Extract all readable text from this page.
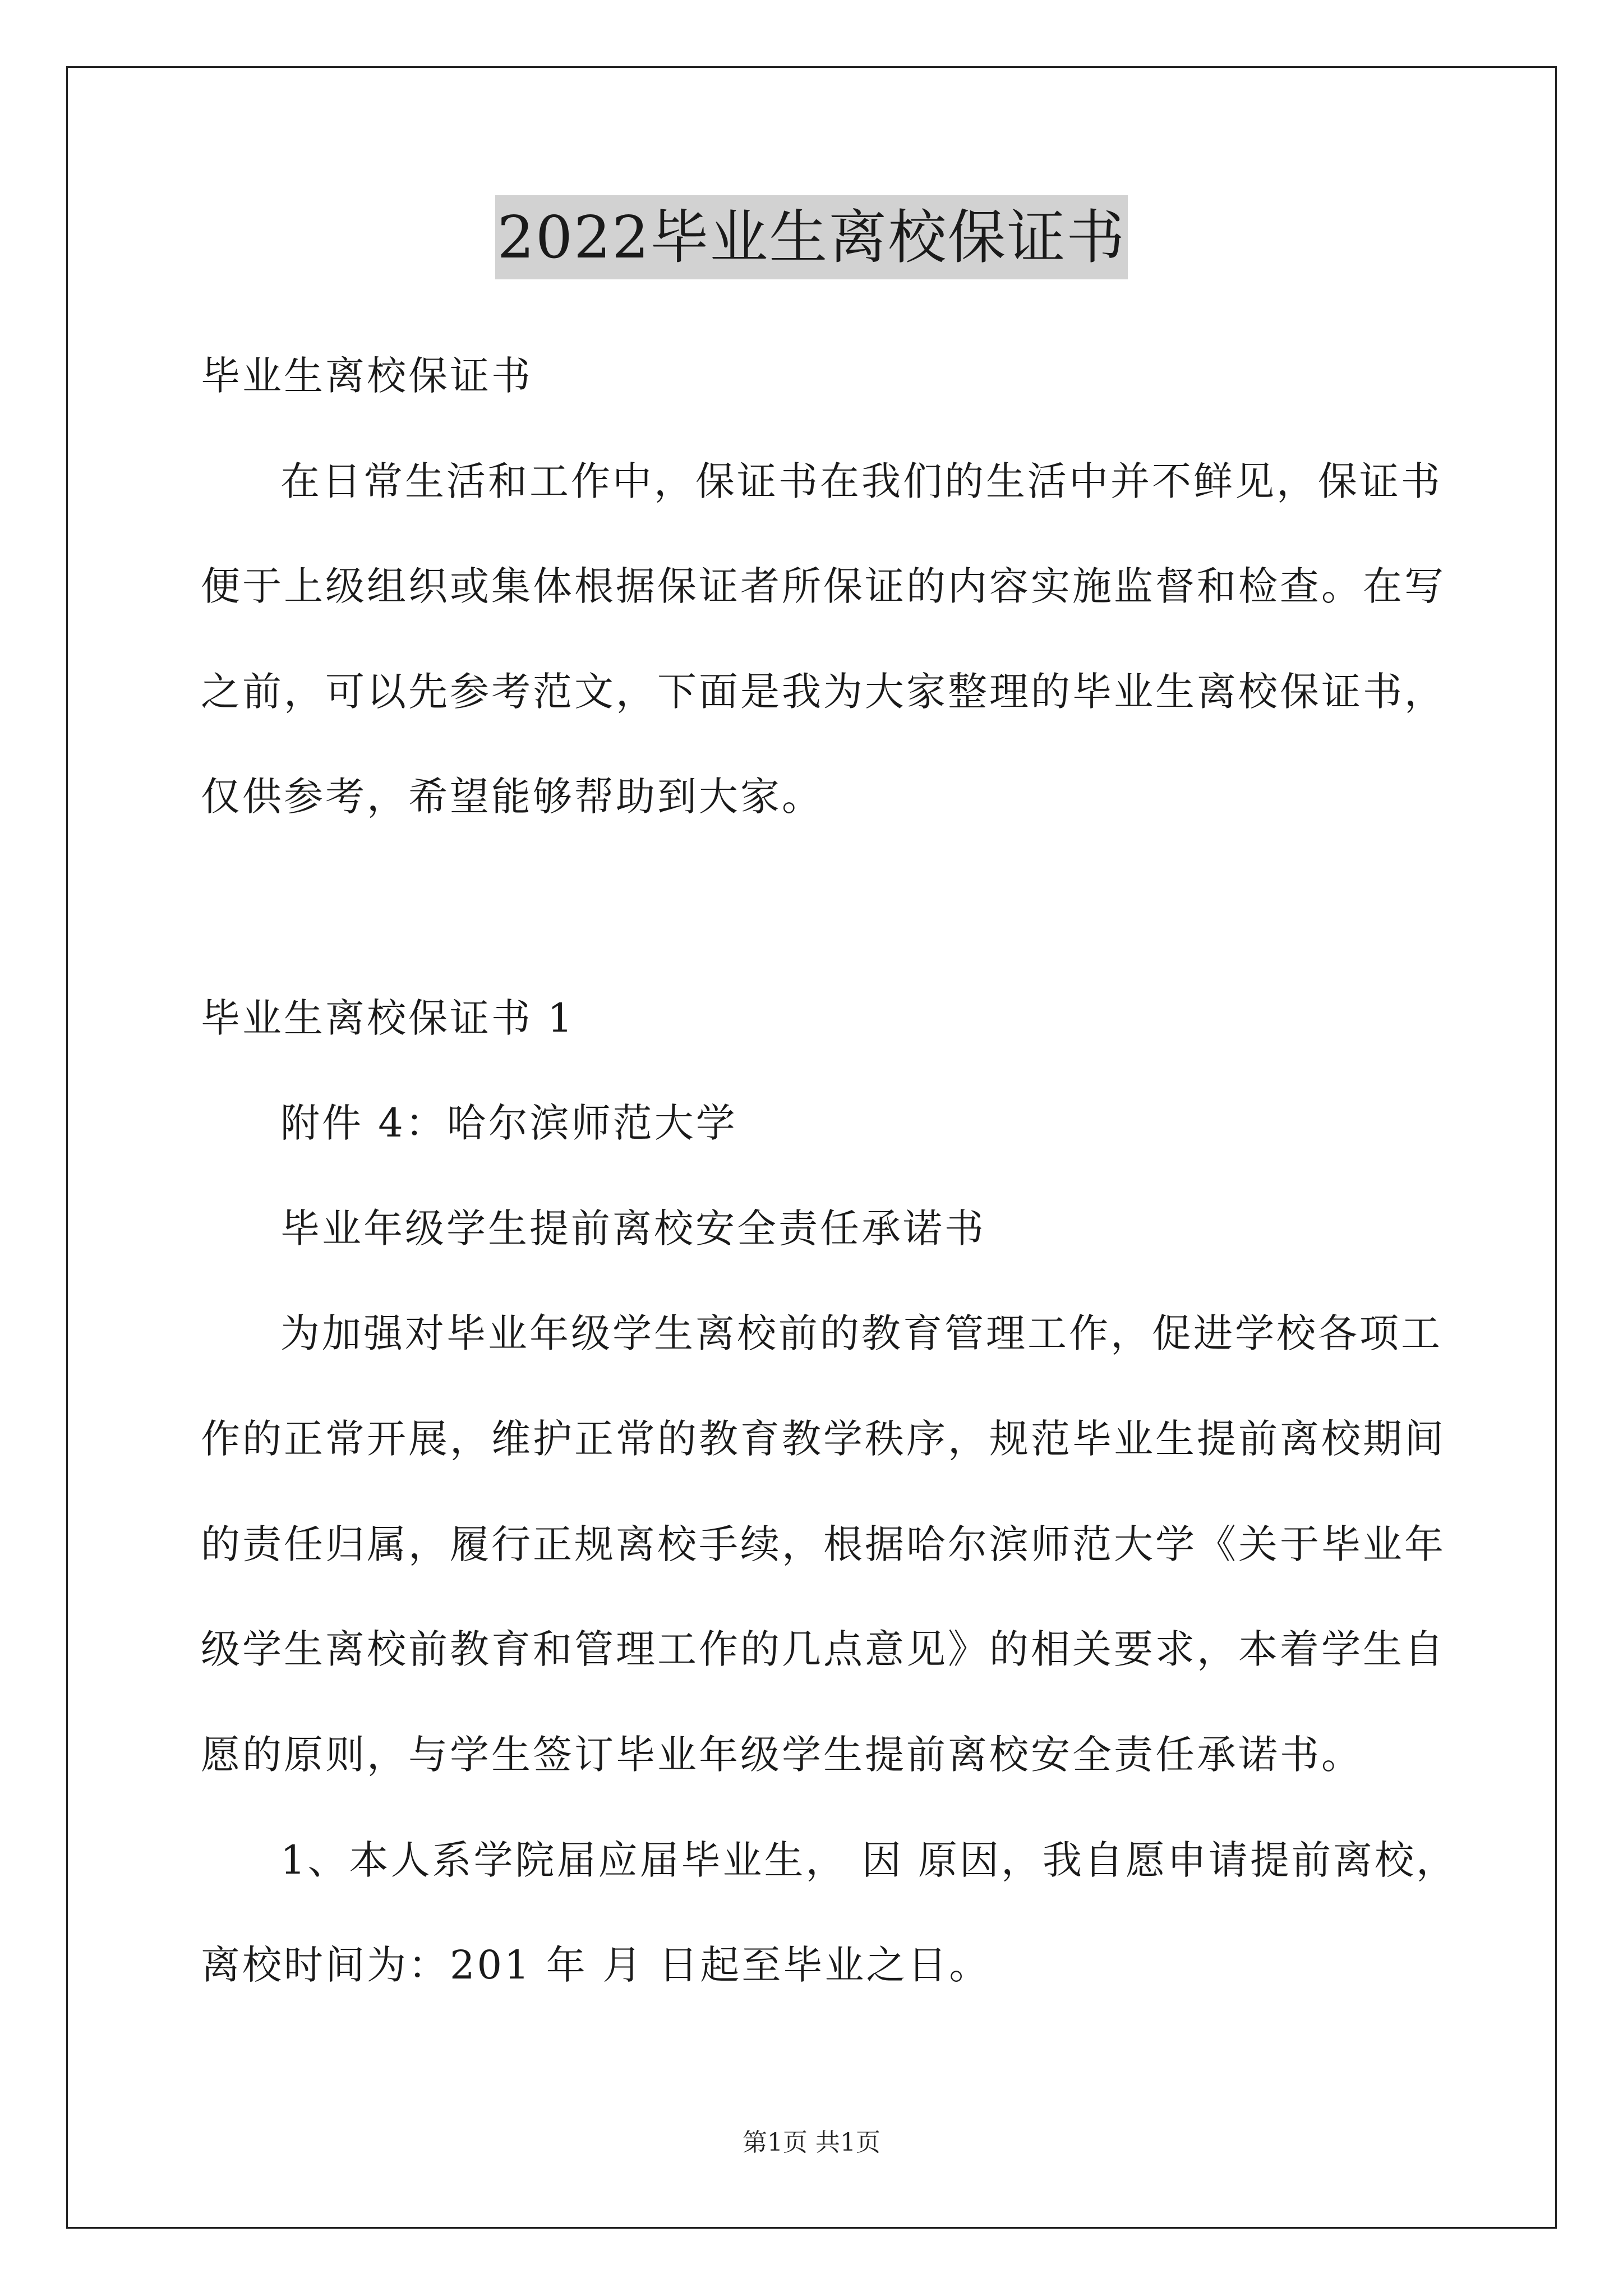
2022毕业生离校保证书
毕业生离校保证书
在日常生活和工作中，保证书在我们的生活中并不鲜见，保证书
便于上级组织或集体根据保证者所保证的内容实施监督和检查。在写
之前，可以先参考范文，下面是我为大家整理的毕业生离校保证书，
仅供参考，希望能够帮助到大家。
毕业生离校保证书 1
附件 4：哈尔滨师范大学
毕业年级学生提前离校安全责任承诺书
为加强对毕业年级学生离校前的教育管理工作，促进学校各项工
作的正常开展，维护正常的教育教学秩序，规范毕业生提前离校期间
的责任归属，履行正规离校手续，根据哈尔滨师范大学《关于毕业年
级学生离校前教育和管理工作的几点意见》的相关要求，本着学生自
愿的原则，与学生签订毕业年级学生提前离校安全责任承诺书。
1、本人系学院届应届毕业生， 因 原因，我自愿申请提前离校，
离校时间为：201 年 月 日起至毕业之日。
第1页 共1页
